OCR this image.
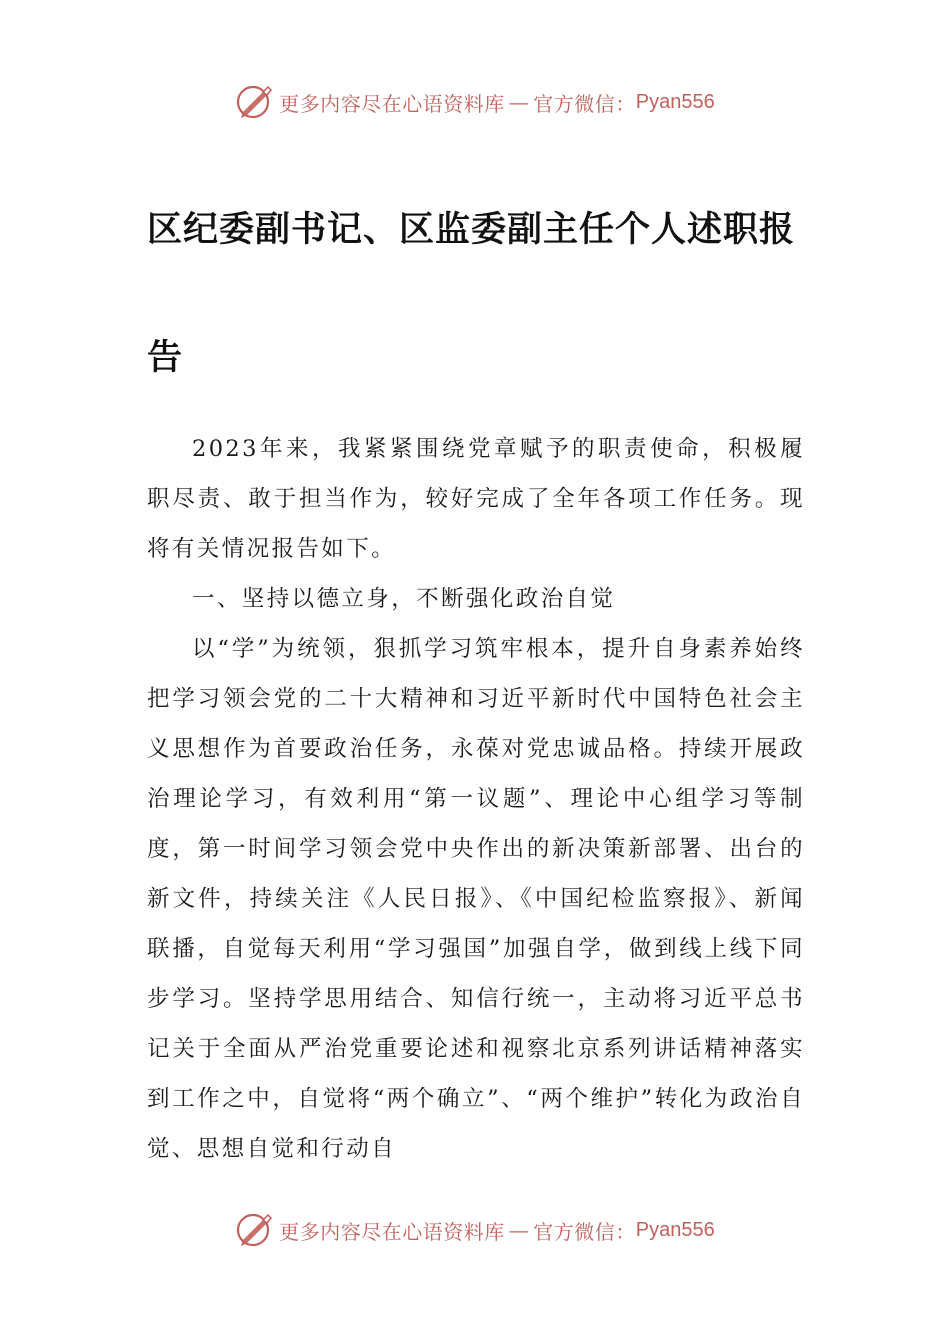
更多内容尽在心语资料库 — 官方微信： Pyan556
区纪委副书记、区监委副主任个人述职报告

2023年来，我紧紧围绕党章赋予的职责使命，积极履职尽责、敢于担当作为，较好完成了全年各项工作任务。现将有关情况报告如下。

一、坚持以德立身，不断强化政治自觉

以“学”为统领，狠抓学习筑牢根本，提升自身素养始终把学习领会党的二十大精神和习近平新时代中国特色社会主义思想作为首要政治任务，永葆对党忠诚品格。持续开展政治理论学习，有效利用“第一议题”、理论中心组学习等制度，第一时间学习领会党中央作出的新决策新部署、出台的新文件，持续关注《人民日报》、《中国纪检监察报》、新闻联播，自觉每天利用“学习强国”加强自学，做到线上线下同步学习。坚持学思用结合、知信行统一，主动将习近平总书记关于全面从严治党重要论述和视察北京系列讲话精神落实到工作之中，自觉将“两个确立”、“两个维护”转化为政治自觉、思想自觉和行动自

更多内容尽在心语资料库 — 官方微信： Pyan556
